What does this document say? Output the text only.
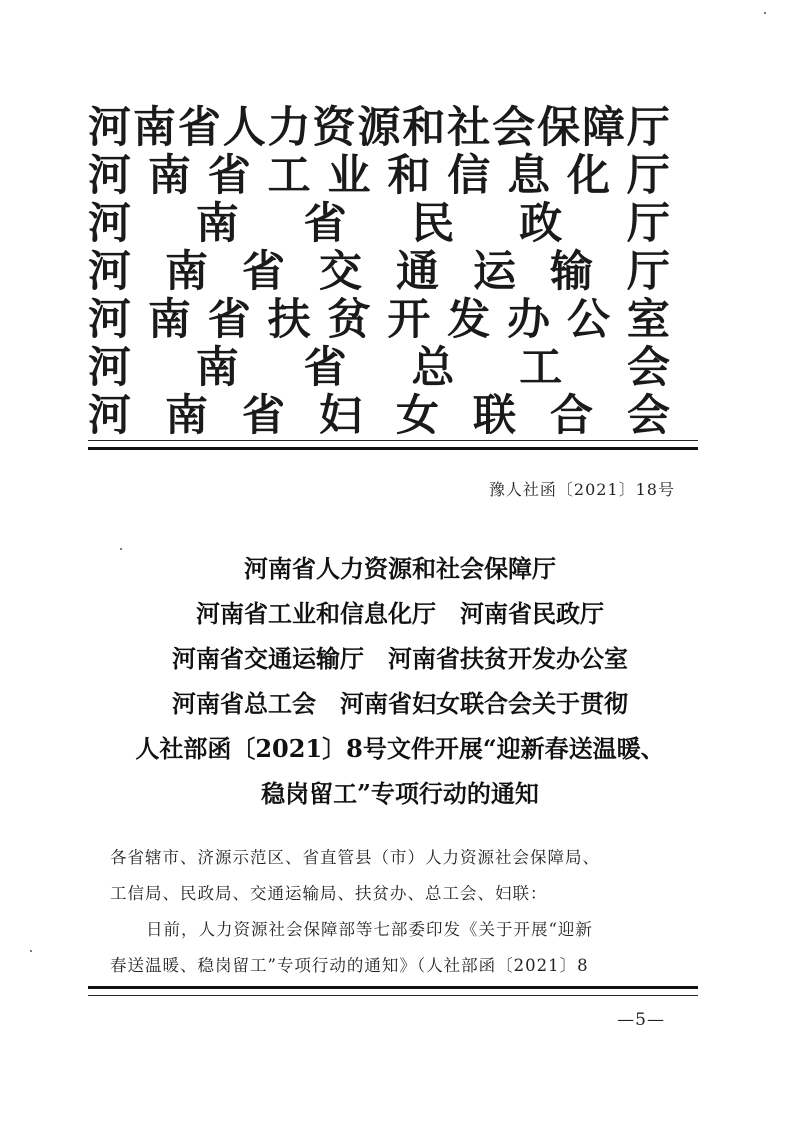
河 南 省 人 力 资 源 和 社 会 保 障 厅
河 南 省 工 业 和 信 息 化 厅
河 南 省 民 政 厅
河 南 省 交 通 运 输 厅
河 南 省 扶 贫 开 发 办 公 室
河 南 省 总 工 会
河 南 省 妇 女 联 合 会
豫人社函〔2021〕18号
河南省人力资源和社会保障厅
河南省工业和信息化厅　河南省民政厅
河南省交通运输厅　河南省扶贫开发办公室
河南省总工会　河南省妇女联合会关于贯彻
人社部函〔2021〕8号文件开展“迎新春送温暖、
稳岗留工”专项行动的通知
各省辖市、济源示范区、省直管县（市）人力资源社会保障局、
工信局、民政局、交通运输局、扶贫办、总工会、妇联：
日前，人力资源社会保障部等七部委印发《关于开展“迎新
春送温暖、稳岗留工”专项行动的通知》（人社部函〔2021〕8
—5—
